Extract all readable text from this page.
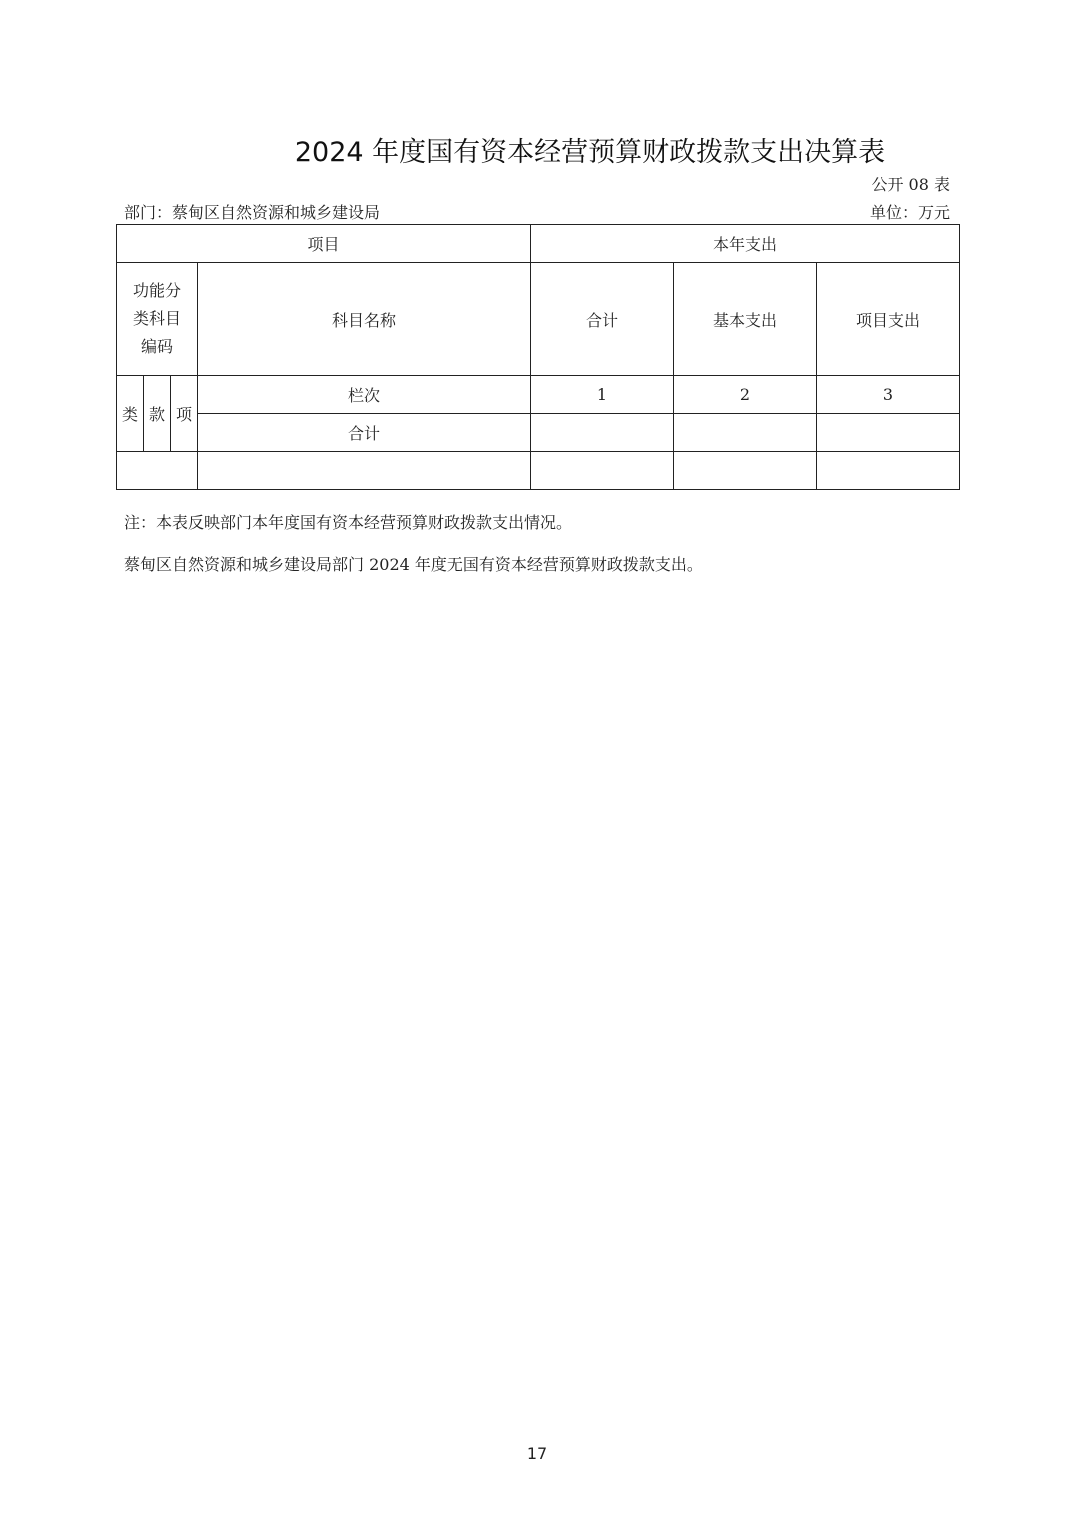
2024 年度国有资本经营预算财政拨款支出决算表
公开 08 表
部门：蔡甸区自然资源和城乡建设局	单位：万元
项目				本年支出		

功能分
类科目
编码			科目名称	合计	基本支出	项目支出
类	款	项	栏次	1	2	3
			合计			

注：本表反映部门本年度国有资本经营预算财政拨款支出情况。
蔡甸区自然资源和城乡建设局部门 2024 年度无国有资本经营预算财政拨款支出。
17
